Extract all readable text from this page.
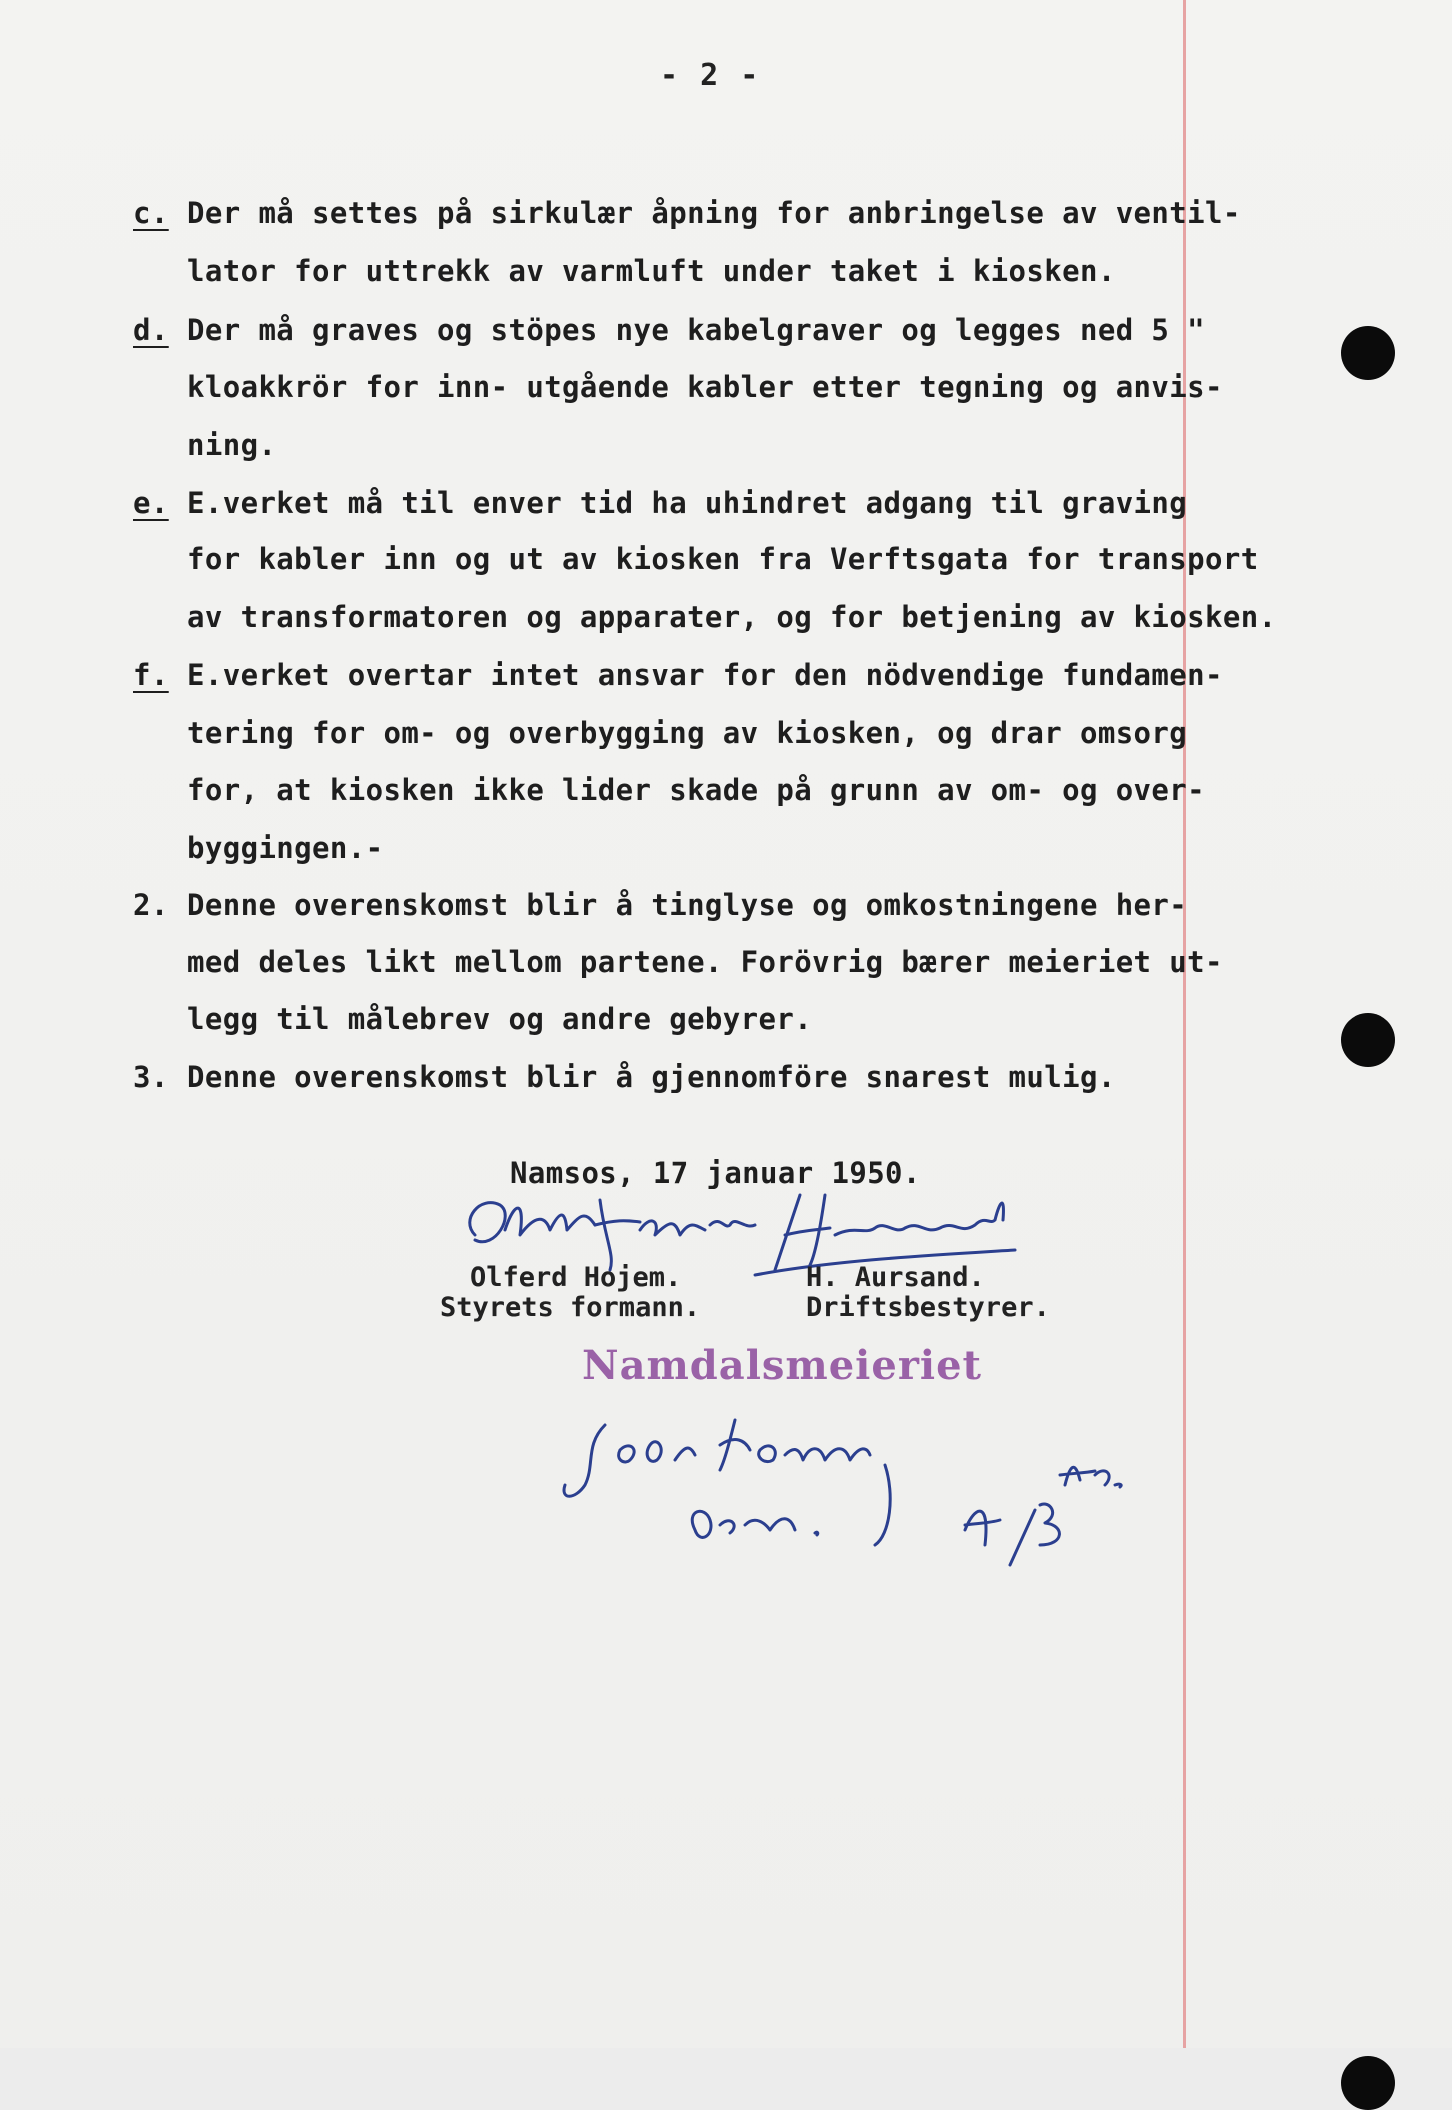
- 2 -
c. Der må settes på sirkulær åpning for anbringelse av ventil-
lator for uttrekk av varmluft under taket i kiosken.
d. Der må graves og stöpes nye kabelgraver og legges ned 5 "
kloakkrör for inn- utgående kabler etter tegning og anvis-
ning.
e. E.verket må til enver tid ha uhindret adgang til graving
for kabler inn og ut av kiosken fra Verftsgata for transport
av transformatoren og apparater, og for betjening av kiosken.
f. E.verket overtar intet ansvar for den nödvendige fundamen-
tering for om- og overbygging av kiosken, og drar omsorg
for, at kiosken ikke lider skade på grunn av om- og over-
byggingen.-
2. Denne overenskomst blir å tinglyse og omkostningene her-
med deles likt mellom partene. Forövrig bærer meieriet ut-
legg til målebrev og andre gebyrer.
3. Denne overenskomst blir å gjennomföre snarest mulig.
Namsos, 17 januar 1950.
Olferd Hojem.
Styrets formann.
H. Aursand.
Driftsbestyrer.
Namdalsmeieriet
